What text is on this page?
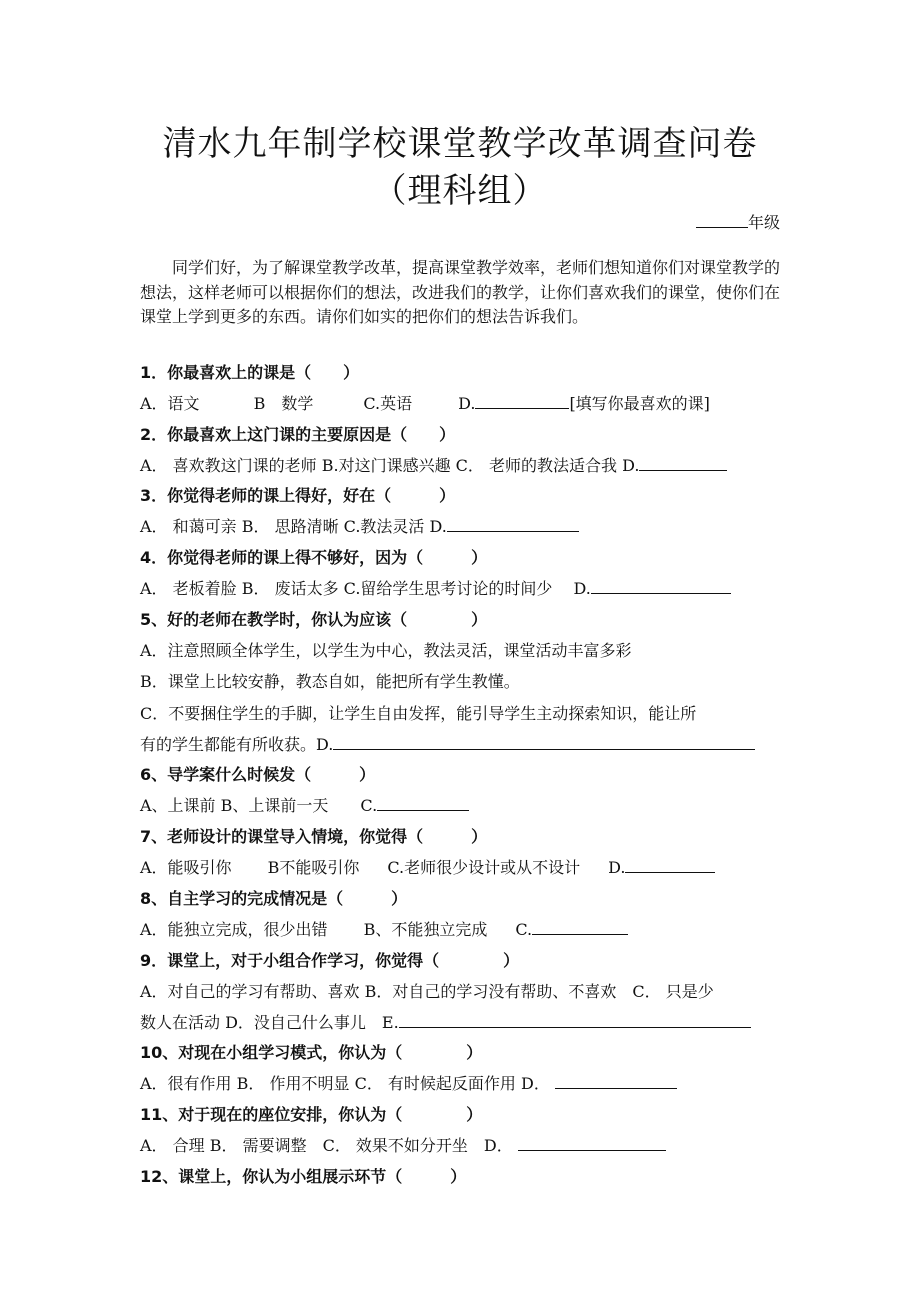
清水九年制学校课堂教学改革调查问卷
（理科组）
年级

同学们好，为了解课堂教学改革，提高课堂教学效率，老师们想知道你们对课堂教学的想法，这样老师可以根据你们的想法，改进我们的教学，让你们喜欢我们的课堂，使你们在课堂上学到更多的东西。请你们如实的把你们的想法告诉我们。

1．你最喜欢上的课是（　　）
A．语文	B　数学	C.英语	D.	[填写你最喜欢的课]
2．你最喜欢上这门课的主要原因是（　　）
A． 喜欢教这门课的老师 B.对这门课感兴趣 C． 老师的教法适合我 D.
3．你觉得老师的课上得好，好在（　　　）
A． 和蔼可亲 B． 思路清晰 C.教法灵活 D.
4．你觉得老师的课上得不够好，因为（　　　）
A． 老板着脸 B． 废话太多 C.留给学生思考讨论的时间少　 D.
5、好的老师在教学时，你认为应该（　　　　）
A．注意照顾全体学生，以学生为中心，教法灵活，课堂活动丰富多彩
B．课堂上比较安静，教态自如，能把所有学生教懂。
C．不要捆住学生的手脚，让学生自由发挥，能引导学生主动探索知识，能让所
有的学生都能有所收获。D.
6、导学案什么时候发（　　　）
A、上课前 B、上课前一天　　C.
7、老师设计的课堂导入情境，你觉得（　　　）
A．能吸引你 B不能吸引你 C.老师很少设计或从不设计 D.
8、自主学习的完成情况是（　　　）
A．能独立完成，很少出错 B、不能独立完成 C.
9．课堂上，对于小组合作学习，你觉得（　　　　）
A．对自己的学习有帮助、喜欢 B．对自己的学习没有帮助、不喜欢　C． 只是少
数人在活动 D．没自己什么事儿　E.
10、对现在小组学习模式，你认为（　　　　）
A．很有作用 B． 作用不明显 C． 有时候起反面作用 D．
11、对于现在的座位安排，你认为（　　　　）
A． 合理 B． 需要调整　C． 效果不如分开坐　D．
12、课堂上，你认为小组展示环节（　　　）
